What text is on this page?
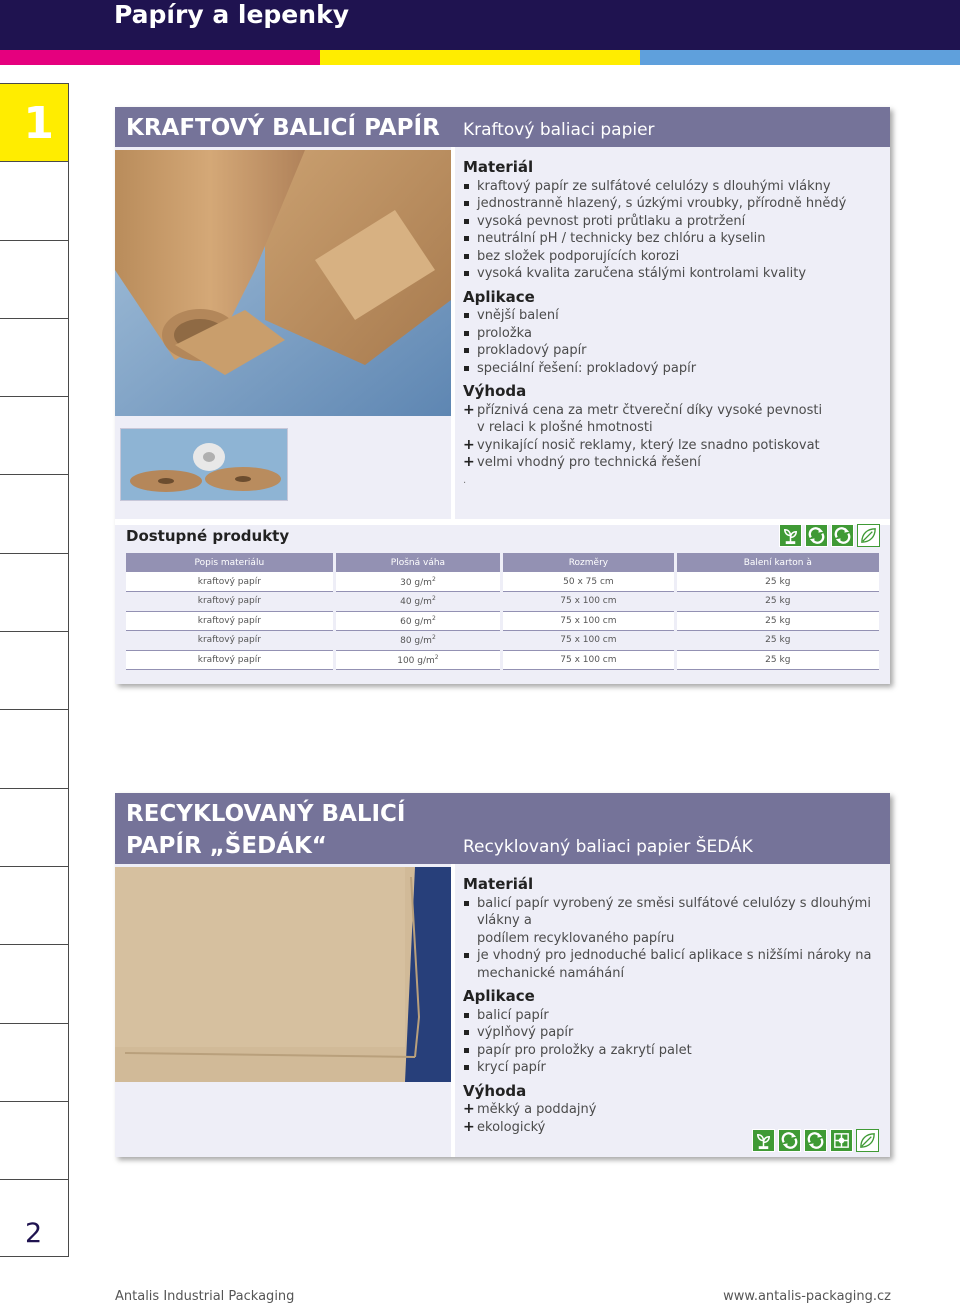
Papíry a lepenky
1
2
KRAFTOVÝ BALICÍ PAPÍR Kraftový baliaci papier
Materiál
kraftový papír ze sulfátové celulózy s dlouhými vlákny
jednostranně hlazený, s úzkými vroubky, přírodně hnědý
vysoká pevnost proti průtlaku a protržení
neutrální pH / technicky bez chlóru a kyselin
bez složek podporujících korozi
vysoká kvalita zaručena stálými kontrolami kvality
Aplikace
vnější balení
proložka
prokladový papír
speciální řešení: prokladový papír
Výhoda
+ příznivá cena za metr čtvereční díky vysoké pevnosti
v relaci k plošné hmotnosti
+ vynikající nosič reklamy, který lze snadno potiskovat
+ velmi vhodný pro technická řešení
.
Dostupné produkty
Popis materiálu	Plošná váha	Rozměry	Balení karton à
kraftový papír	30 $g/m^2$	50 x 75 cm	25 kg
kraftový papír	40 $g/m^2$	75 x 100 cm	25 kg
kraftový papír	60 $g/m^2$	75 x 100 cm	25 kg
kraftový papír	80 $g/m^2$	75 x 100 cm	25 kg
kraftový papír	100 $g/m^2$	75 x 100 cm	25 kg
RECYKLOVANÝ BALICÍ
PAPÍR „ŠEDÁK“	Recyklovaný baliaci papier ŠEDÁK
Materiál
balicí papír vyrobený ze směsi sulfátové celulózy s dlouhými vlákny a
podílem recyklovaného papíru
je vhodný pro jednoduché balicí aplikace s nižšími nároky na
mechanické namáhání
Aplikace
balicí papír
výplňový papír
papír pro proložky a zakrytí palet
krycí papír
Výhoda
+ měkký a poddajný
+ ekologický
Antalis Industrial Packaging	www.antalis-packaging.cz
